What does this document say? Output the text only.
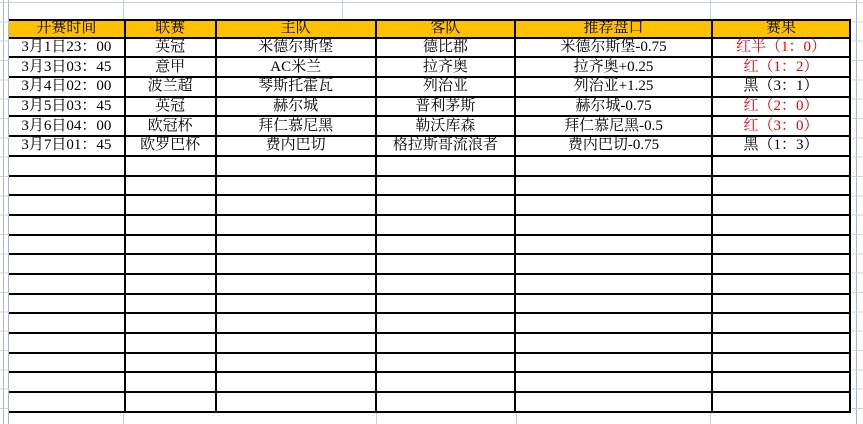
开赛时间	联赛	主队	客队	推荐盘口	赛果
3月1日23：00	英冠	米德尔斯堡	德比郡	米德尔斯堡-0.75	红半（1：0）
3月3日03：45	意甲	AC米兰	拉齐奥	拉齐奥+0.25	红（1：2）
3月4日02：00	波兰超	琴斯托霍瓦	列治亚	列治亚+1.25	黑（3：1）
3月5日03：45	英冠	赫尔城	普利茅斯	赫尔城-0.75	红（2：0）
3月6日04：00	欧冠杯	拜仁慕尼黑	勒沃库森	拜仁慕尼黑-0.5	红（3：0）
3月7日01：45	欧罗巴杯	费内巴切	格拉斯哥流浪者	费内巴切-0.75	黑（1：3）
